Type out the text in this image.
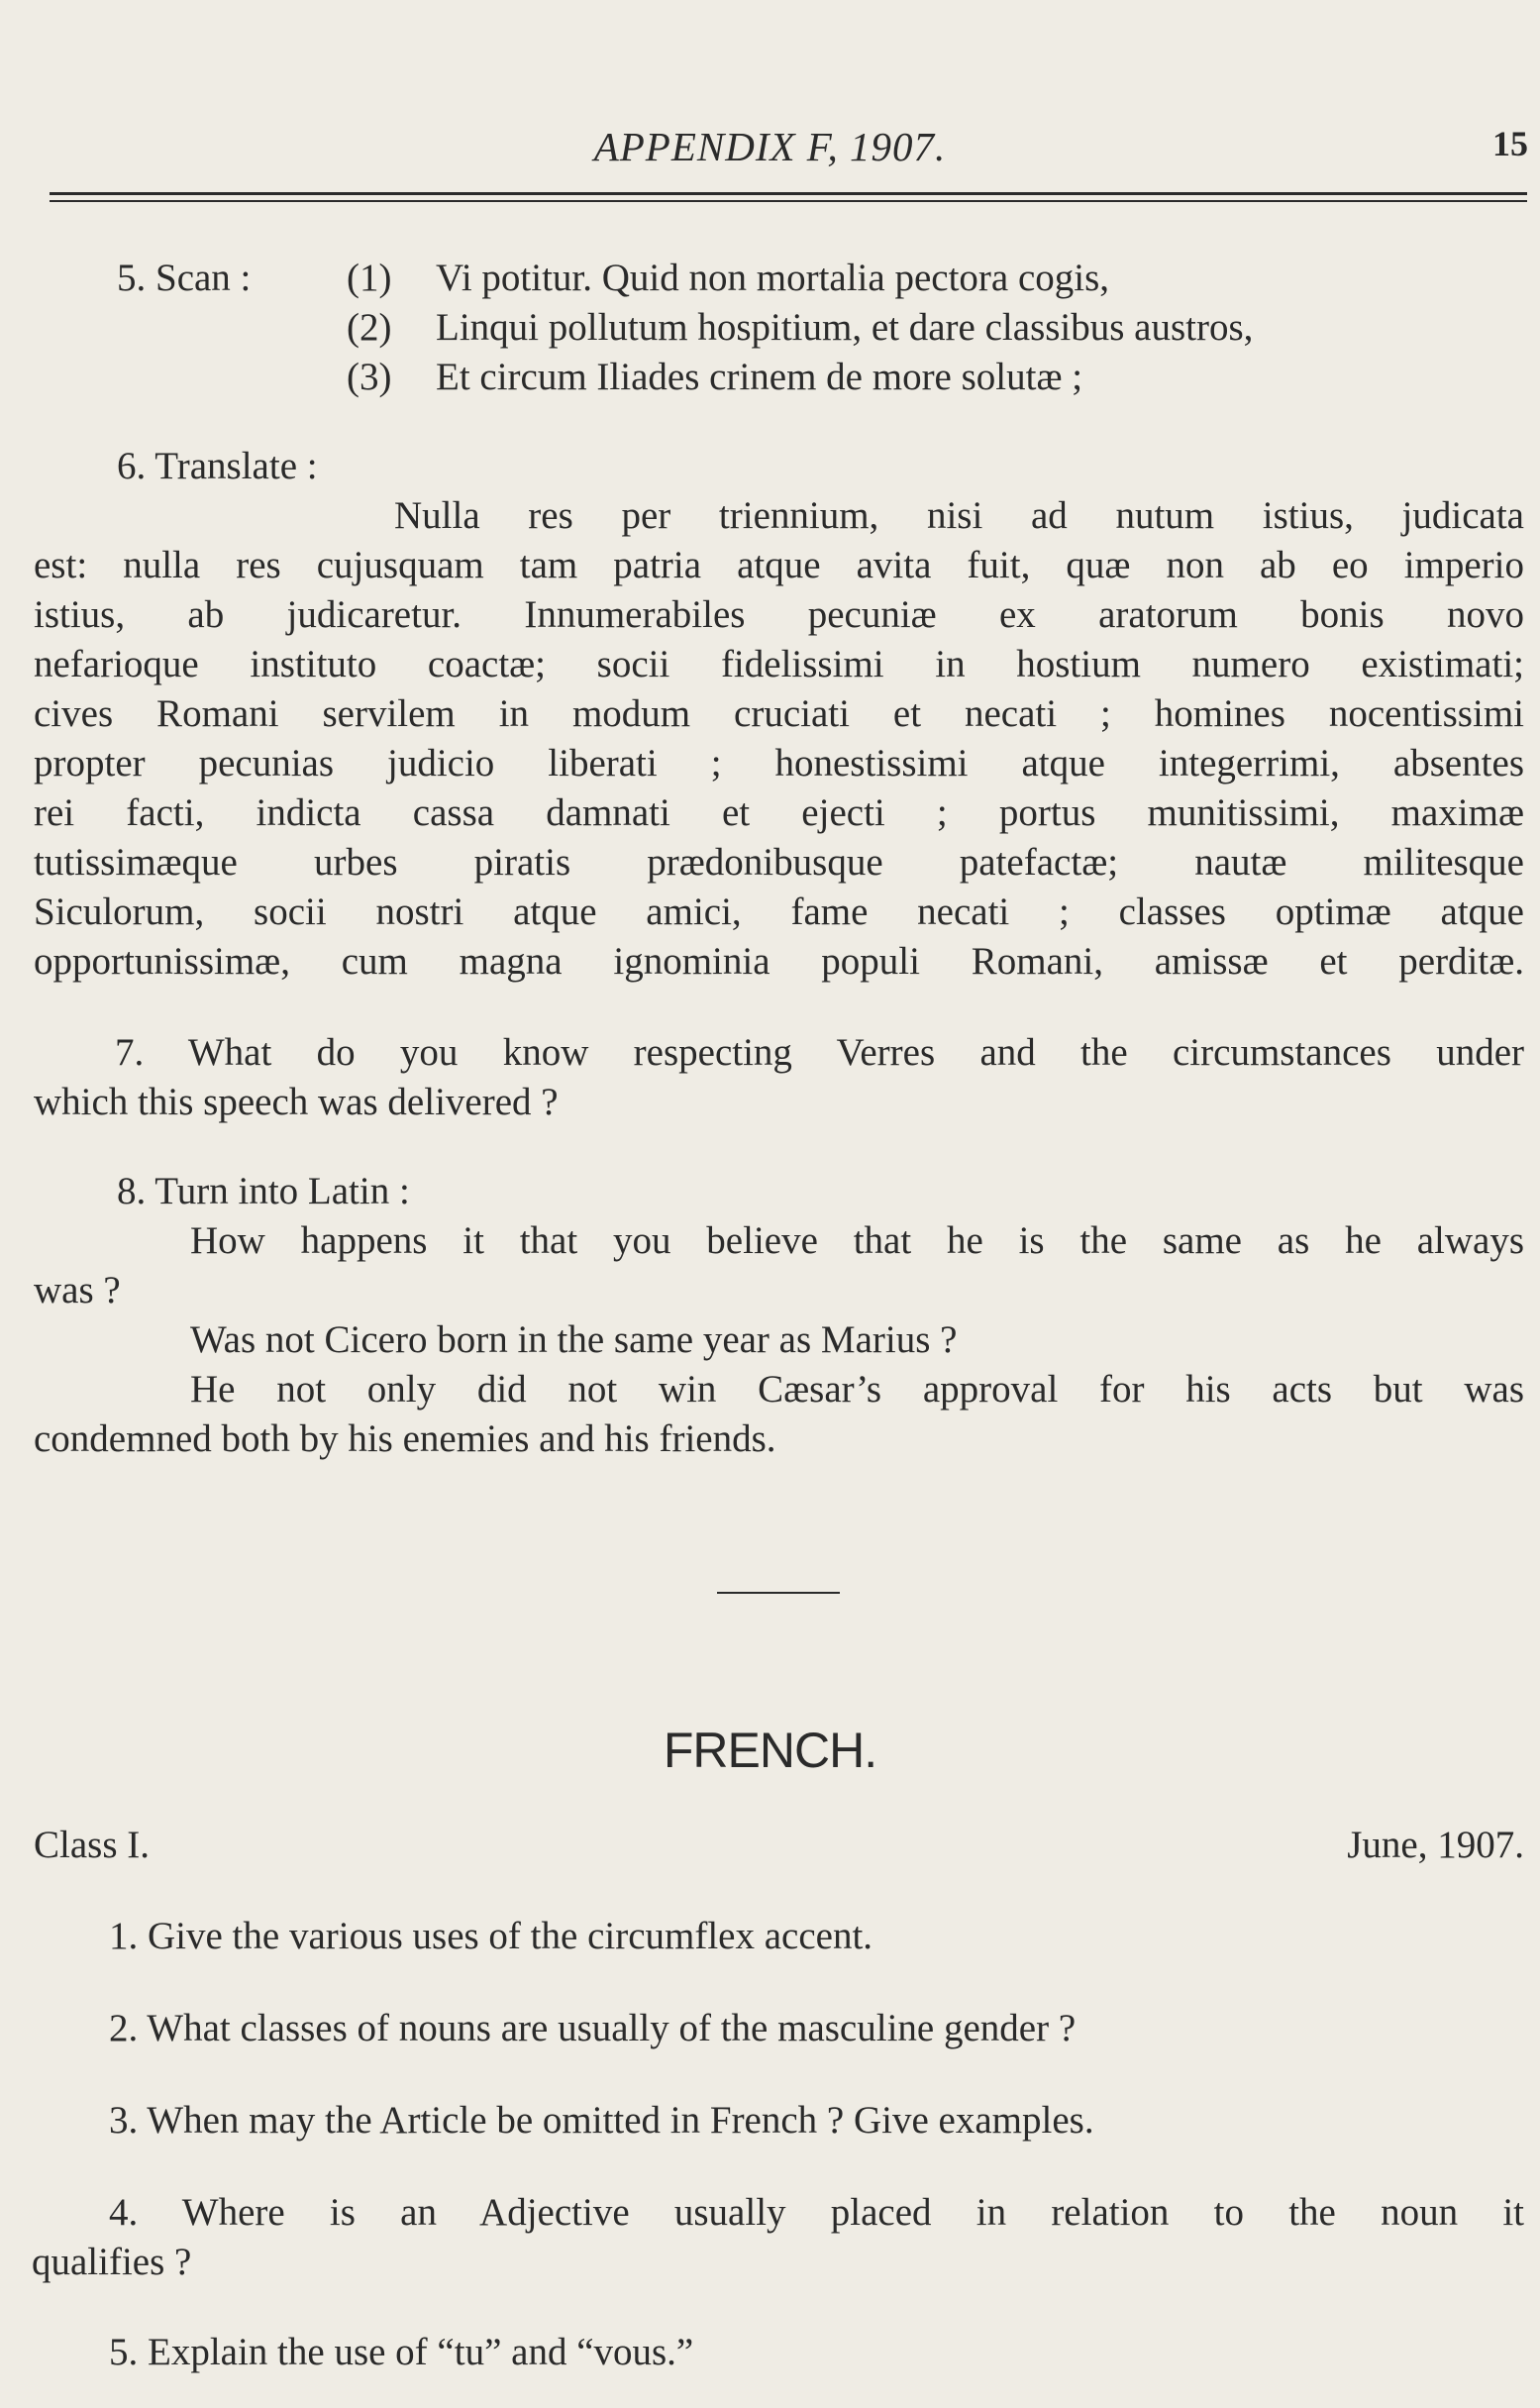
APPENDIX F, 1907.	15
5. Scan : (1)	Vi potitur. Quid non mortalia pectora cogis,
(2)	Linqui pollutum hospitium, et dare classibus austros,
(3)	Et circum Iliades crinem de more solutæ ;
6. Translate :
Nulla res per triennium, nisi ad nutum istius, judicata
est: nulla res cujusquam tam patria atque avita fuit, quæ non ab eo imperio
istius, ab judicaretur. Innumerabiles pecuniæ ex aratorum bonis novo
nefarioque instituto coactæ; socii fidelissimi in hostium numero existimati;
cives Romani servilem in modum cruciati et necati ; homines nocentissimi
propter pecunias judicio liberati ; honestissimi atque integerrimi, absentes
rei facti, indicta cassa damnati et ejecti ; portus munitissimi, maximæ
tutissimæque urbes piratis prædonibusque patefactæ; nautæ militesque
Siculorum, socii nostri atque amici, fame necati ; classes optimæ atque
opportunissimæ, cum magna ignominia populi Romani, amissæ et perditæ.
7. What do you know respecting Verres and the circumstances under
which this speech was delivered ?
8. Turn into Latin :
How happens it that you believe that he is the same as he always
was ?
Was not Cicero born in the same year as Marius ?
He not only did not win Cæsar’s approval for his acts but was
condemned both by his enemies and his friends.
FRENCH.
Class I.	June, 1907.
1. Give the various uses of the circumflex accent.
2. What classes of nouns are usually of the masculine gender ?
3. When may the Article be omitted in French ? Give examples.
4. Where is an Adjective usually placed in relation to the noun it
qualifies ?
5. Explain the use of “tu” and “vous.”
